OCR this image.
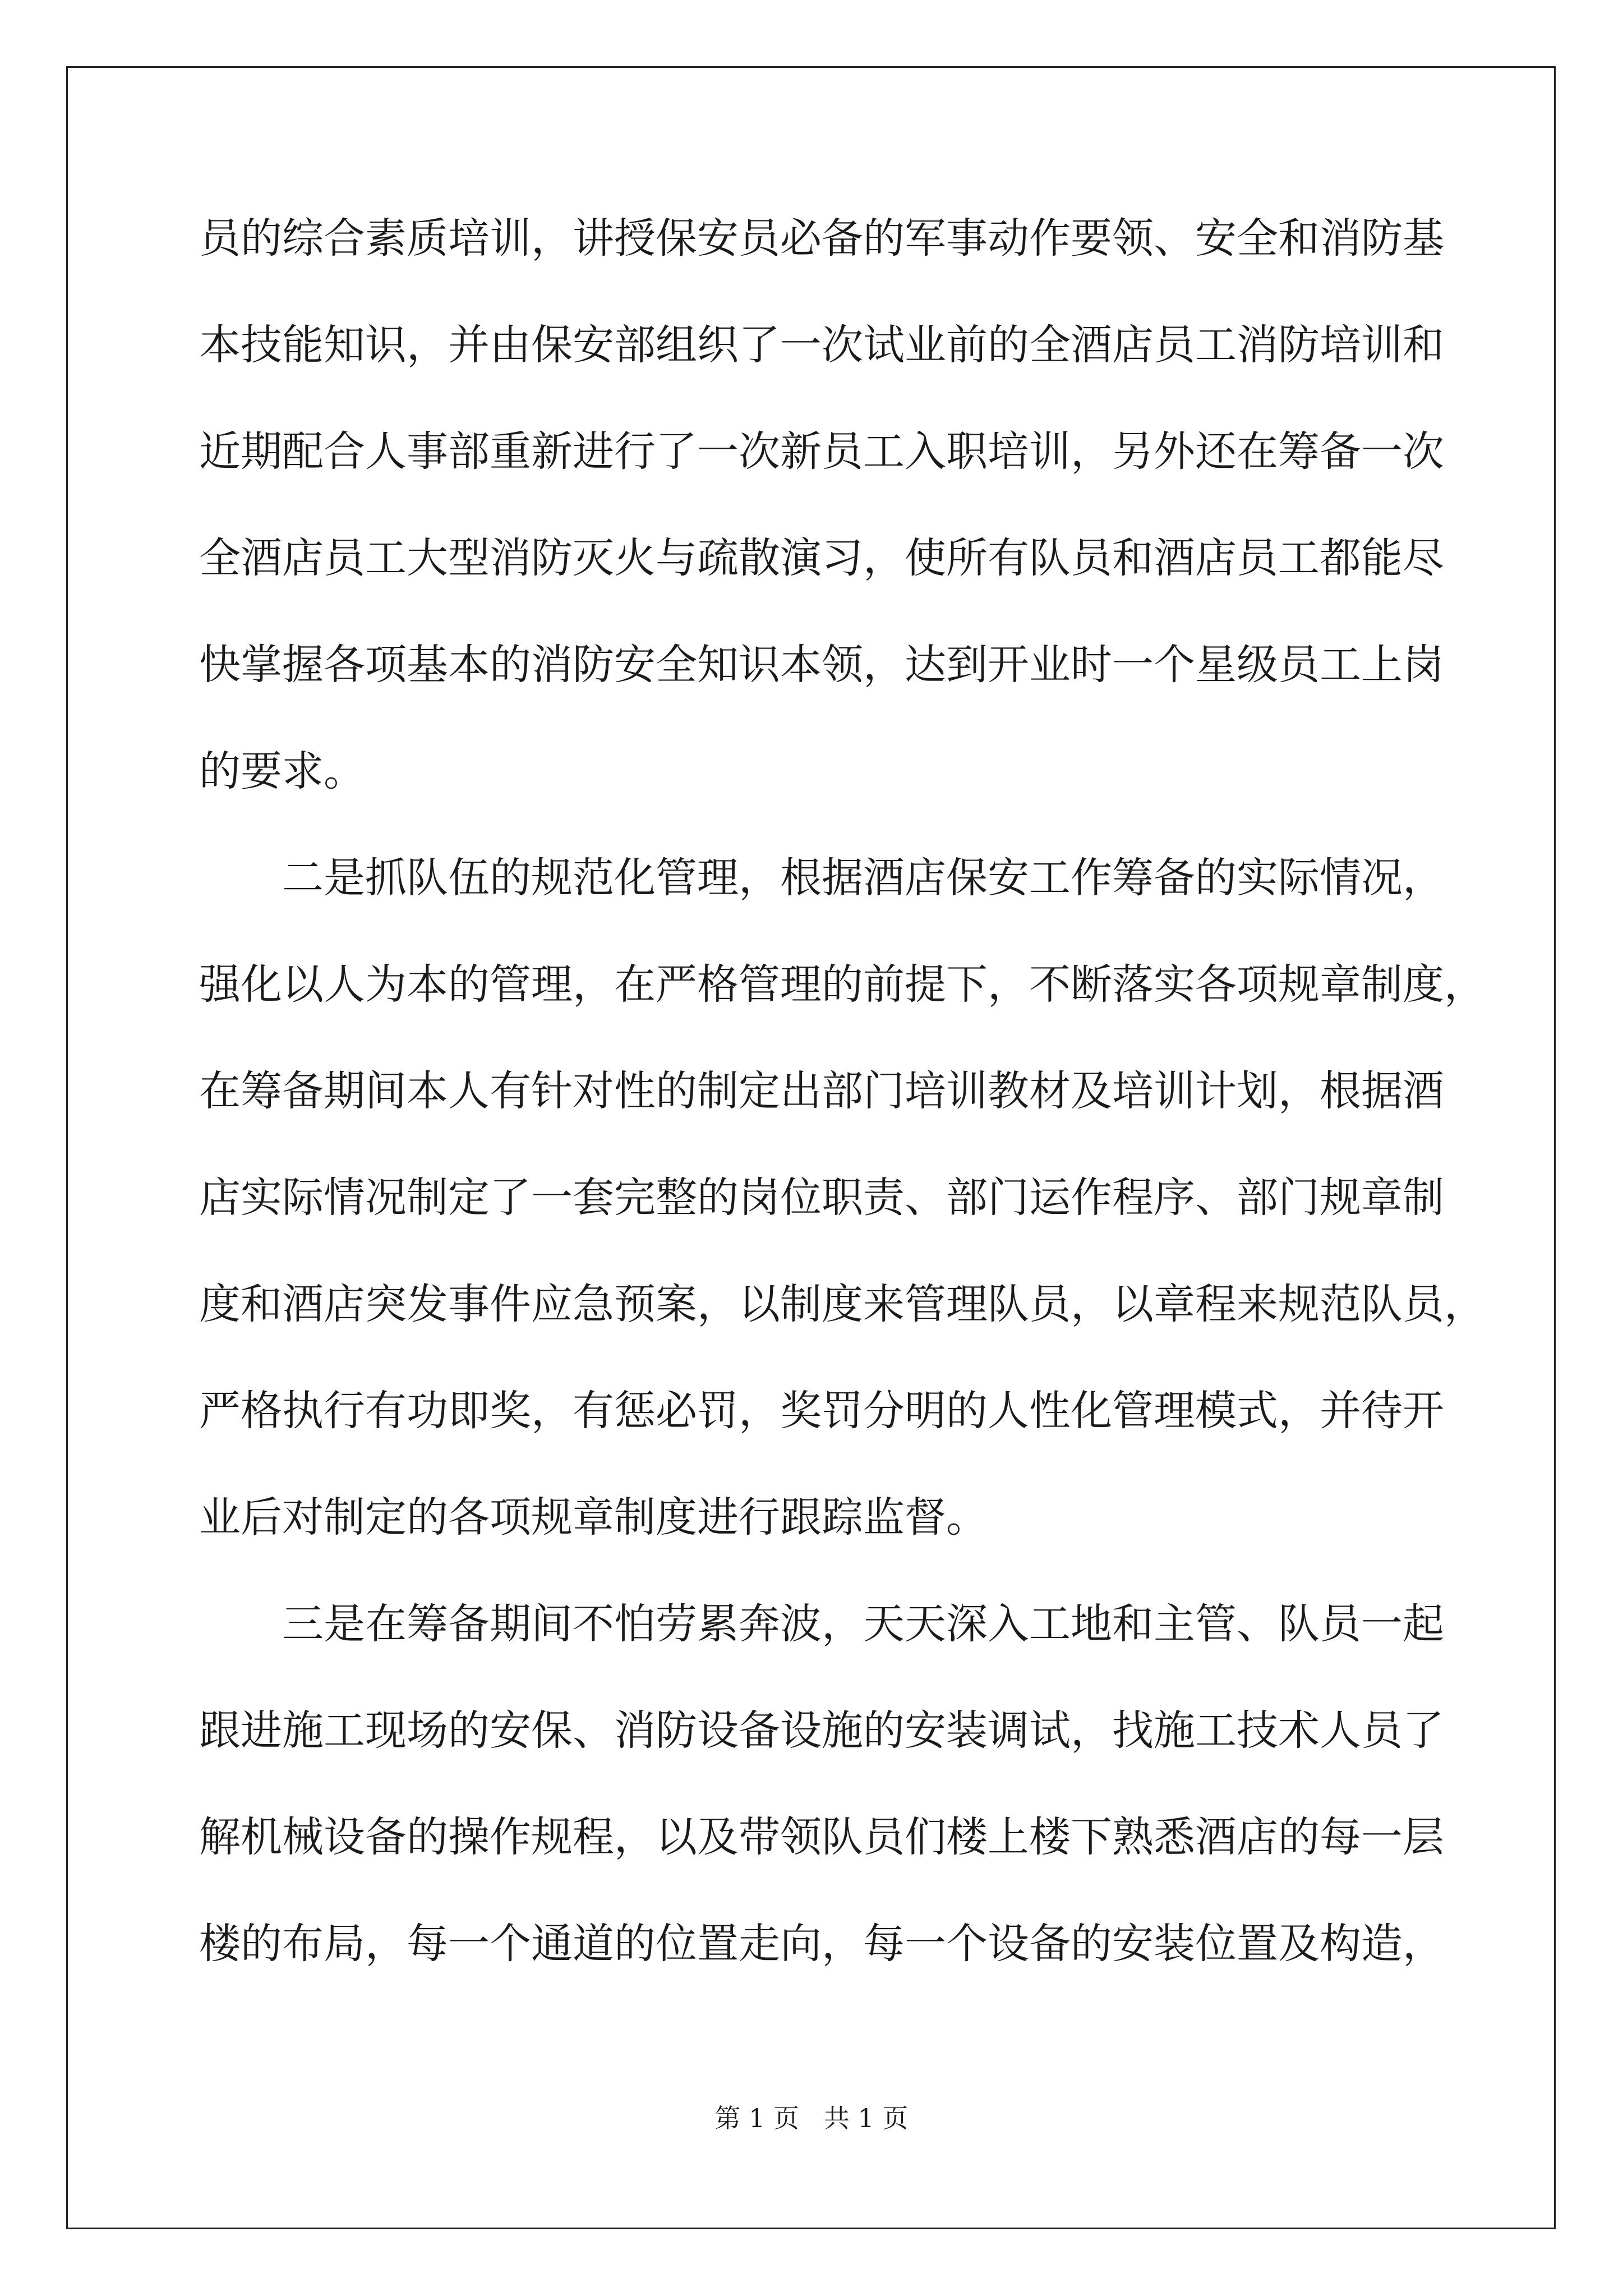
员的综合素质培训，讲授保安员必备的军事动作要领、安全和消防基
本技能知识，并由保安部组织了一次试业前的全酒店员工消防培训和
近期配合人事部重新进行了一次新员工入职培训，另外还在筹备一次
全酒店员工大型消防灭火与疏散演习，使所有队员和酒店员工都能尽
快掌握各项基本的消防安全知识本领，达到开业时一个星级员工上岗
的要求。
　　二是抓队伍的规范化管理，根据酒店保安工作筹备的实际情况，
强化以人为本的管理，在严格管理的前提下，不断落实各项规章制度，
在筹备期间本人有针对性的制定出部门培训教材及培训计划，根据酒
店实际情况制定了一套完整的岗位职责、部门运作程序、部门规章制
度和酒店突发事件应急预案，以制度来管理队员，以章程来规范队员，
严格执行有功即奖，有惩必罚，奖罚分明的人性化管理模式，并待开
业后对制定的各项规章制度进行跟踪监督。
　　三是在筹备期间不怕劳累奔波，天天深入工地和主管、队员一起
跟进施工现场的安保、消防设备设施的安装调试，找施工技术人员了
解机械设备的操作规程，以及带领队员们楼上楼下熟悉酒店的每一层
楼的布局，每一个通道的位置走向，每一个设备的安装位置及构造，
第 1 页   共 1 页
